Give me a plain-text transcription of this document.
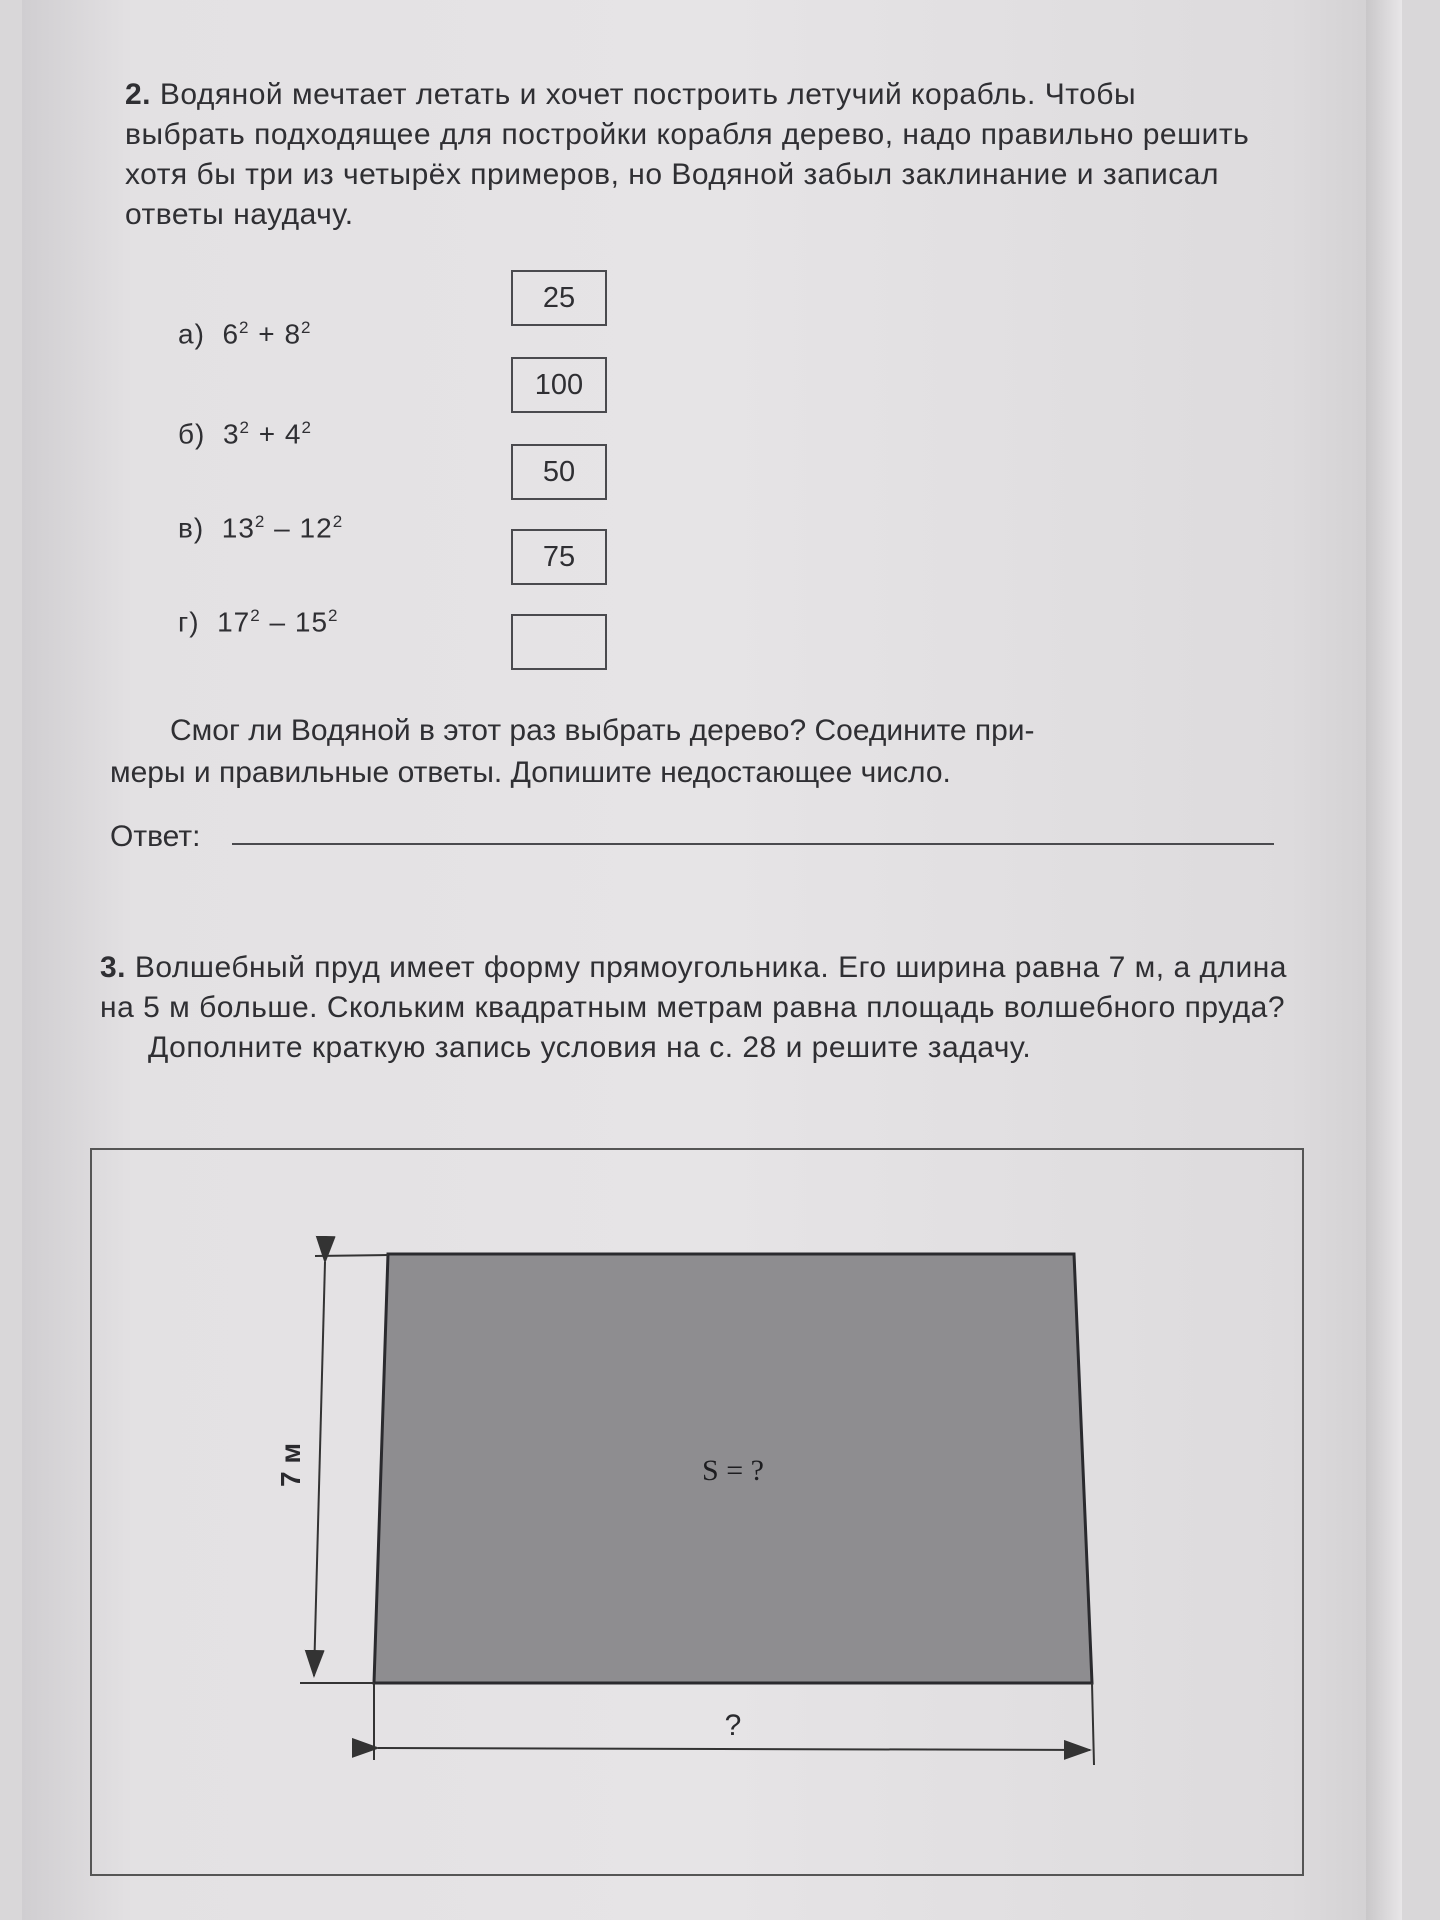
2. Водяной мечтает летать и хочет построить летучий корабль. Чтобы выбрать подходящее для постройки корабля дерево, надо правильно решить хотя бы три из четырёх примеров, но Водяной забыл заклинание и записал ответы наудачу.
а) $6^2 + 8^2$
б) $3^2 + 4^2$
в) $13^2 - 12^2$
г) $17^2 - 15^2$
25
100
50
75
Смог ли Водяной в этот раз выбрать дерево? Соедините при-
меры и правильные ответы. Допишите недостающее число.
Ответ:
3. Волшебный пруд имеет форму прямоугольника. Его ширина равна 7 м, а длина на 5 м больше. Скольким квадратным метрам равна площадь волшебного пруда?
Дополните краткую запись условия на с. 28 и решите задачу.
S = ?
7 м
?
